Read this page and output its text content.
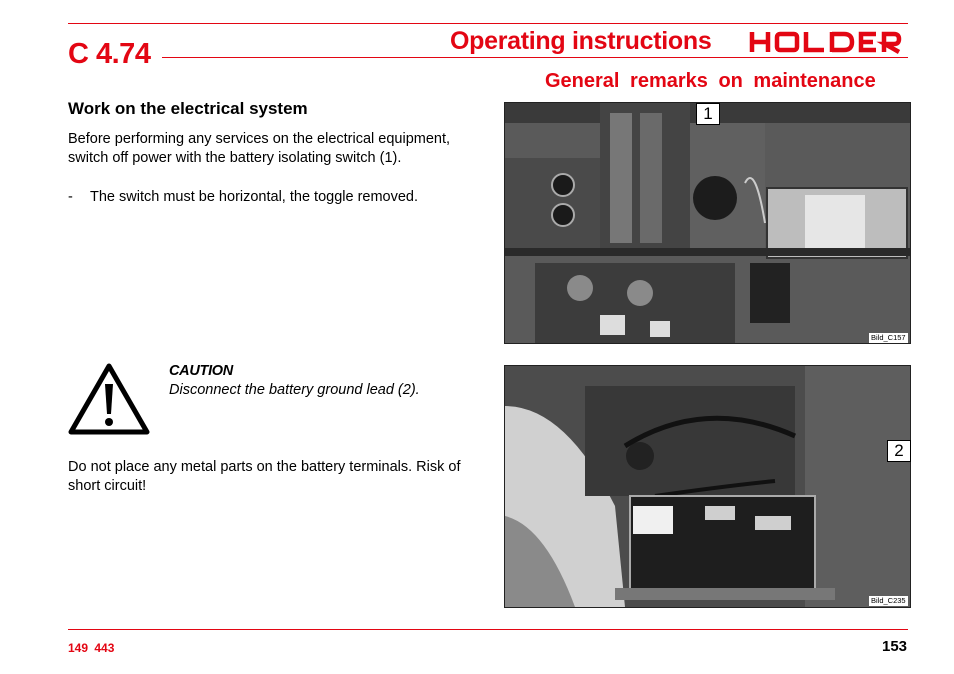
C 4.74	Operating instructions
General remarks on maintenance
Work on the electrical system
Before performing any services on the electrical equipment, switch off power with the battery isolating switch (1).
- The switch must be horizontal, the toggle removed.
CAUTION
Disconnect the battery ground lead (2).
Do not place any metal parts on the battery terminals. Risk of short circuit!
1
2
Bild_C157
Bild_C235
149 443	153
